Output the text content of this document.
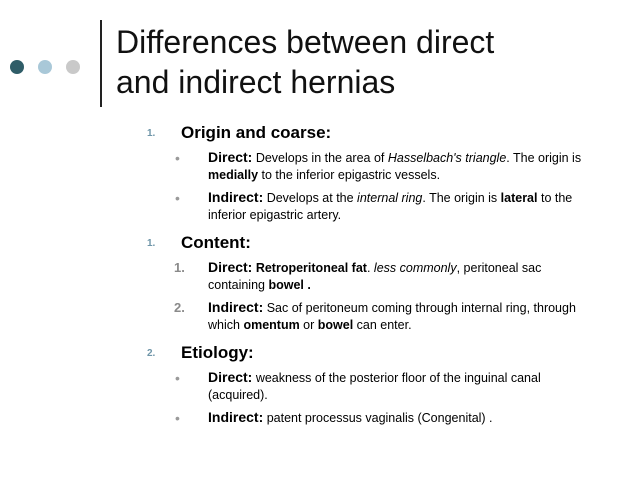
Differences between direct
and indirect hernias
1. Origin and coarse:
• Direct: Develops in the area of Hasselbach's triangle. The origin is medially to the inferior epigastric vessels.
• Indirect: Develops at the internal ring. The origin is lateral to the inferior epigastric artery.
1. Content:
1. Direct: Retroperitoneal fat. less commonly, peritoneal sac containing bowel .
2. Indirect: Sac of peritoneum coming through internal ring, through which omentum or bowel can enter.
2. Etiology:
• Direct: weakness of the posterior floor of the inguinal canal (acquired).
• Indirect: patent processus vaginalis (Congenital) .
